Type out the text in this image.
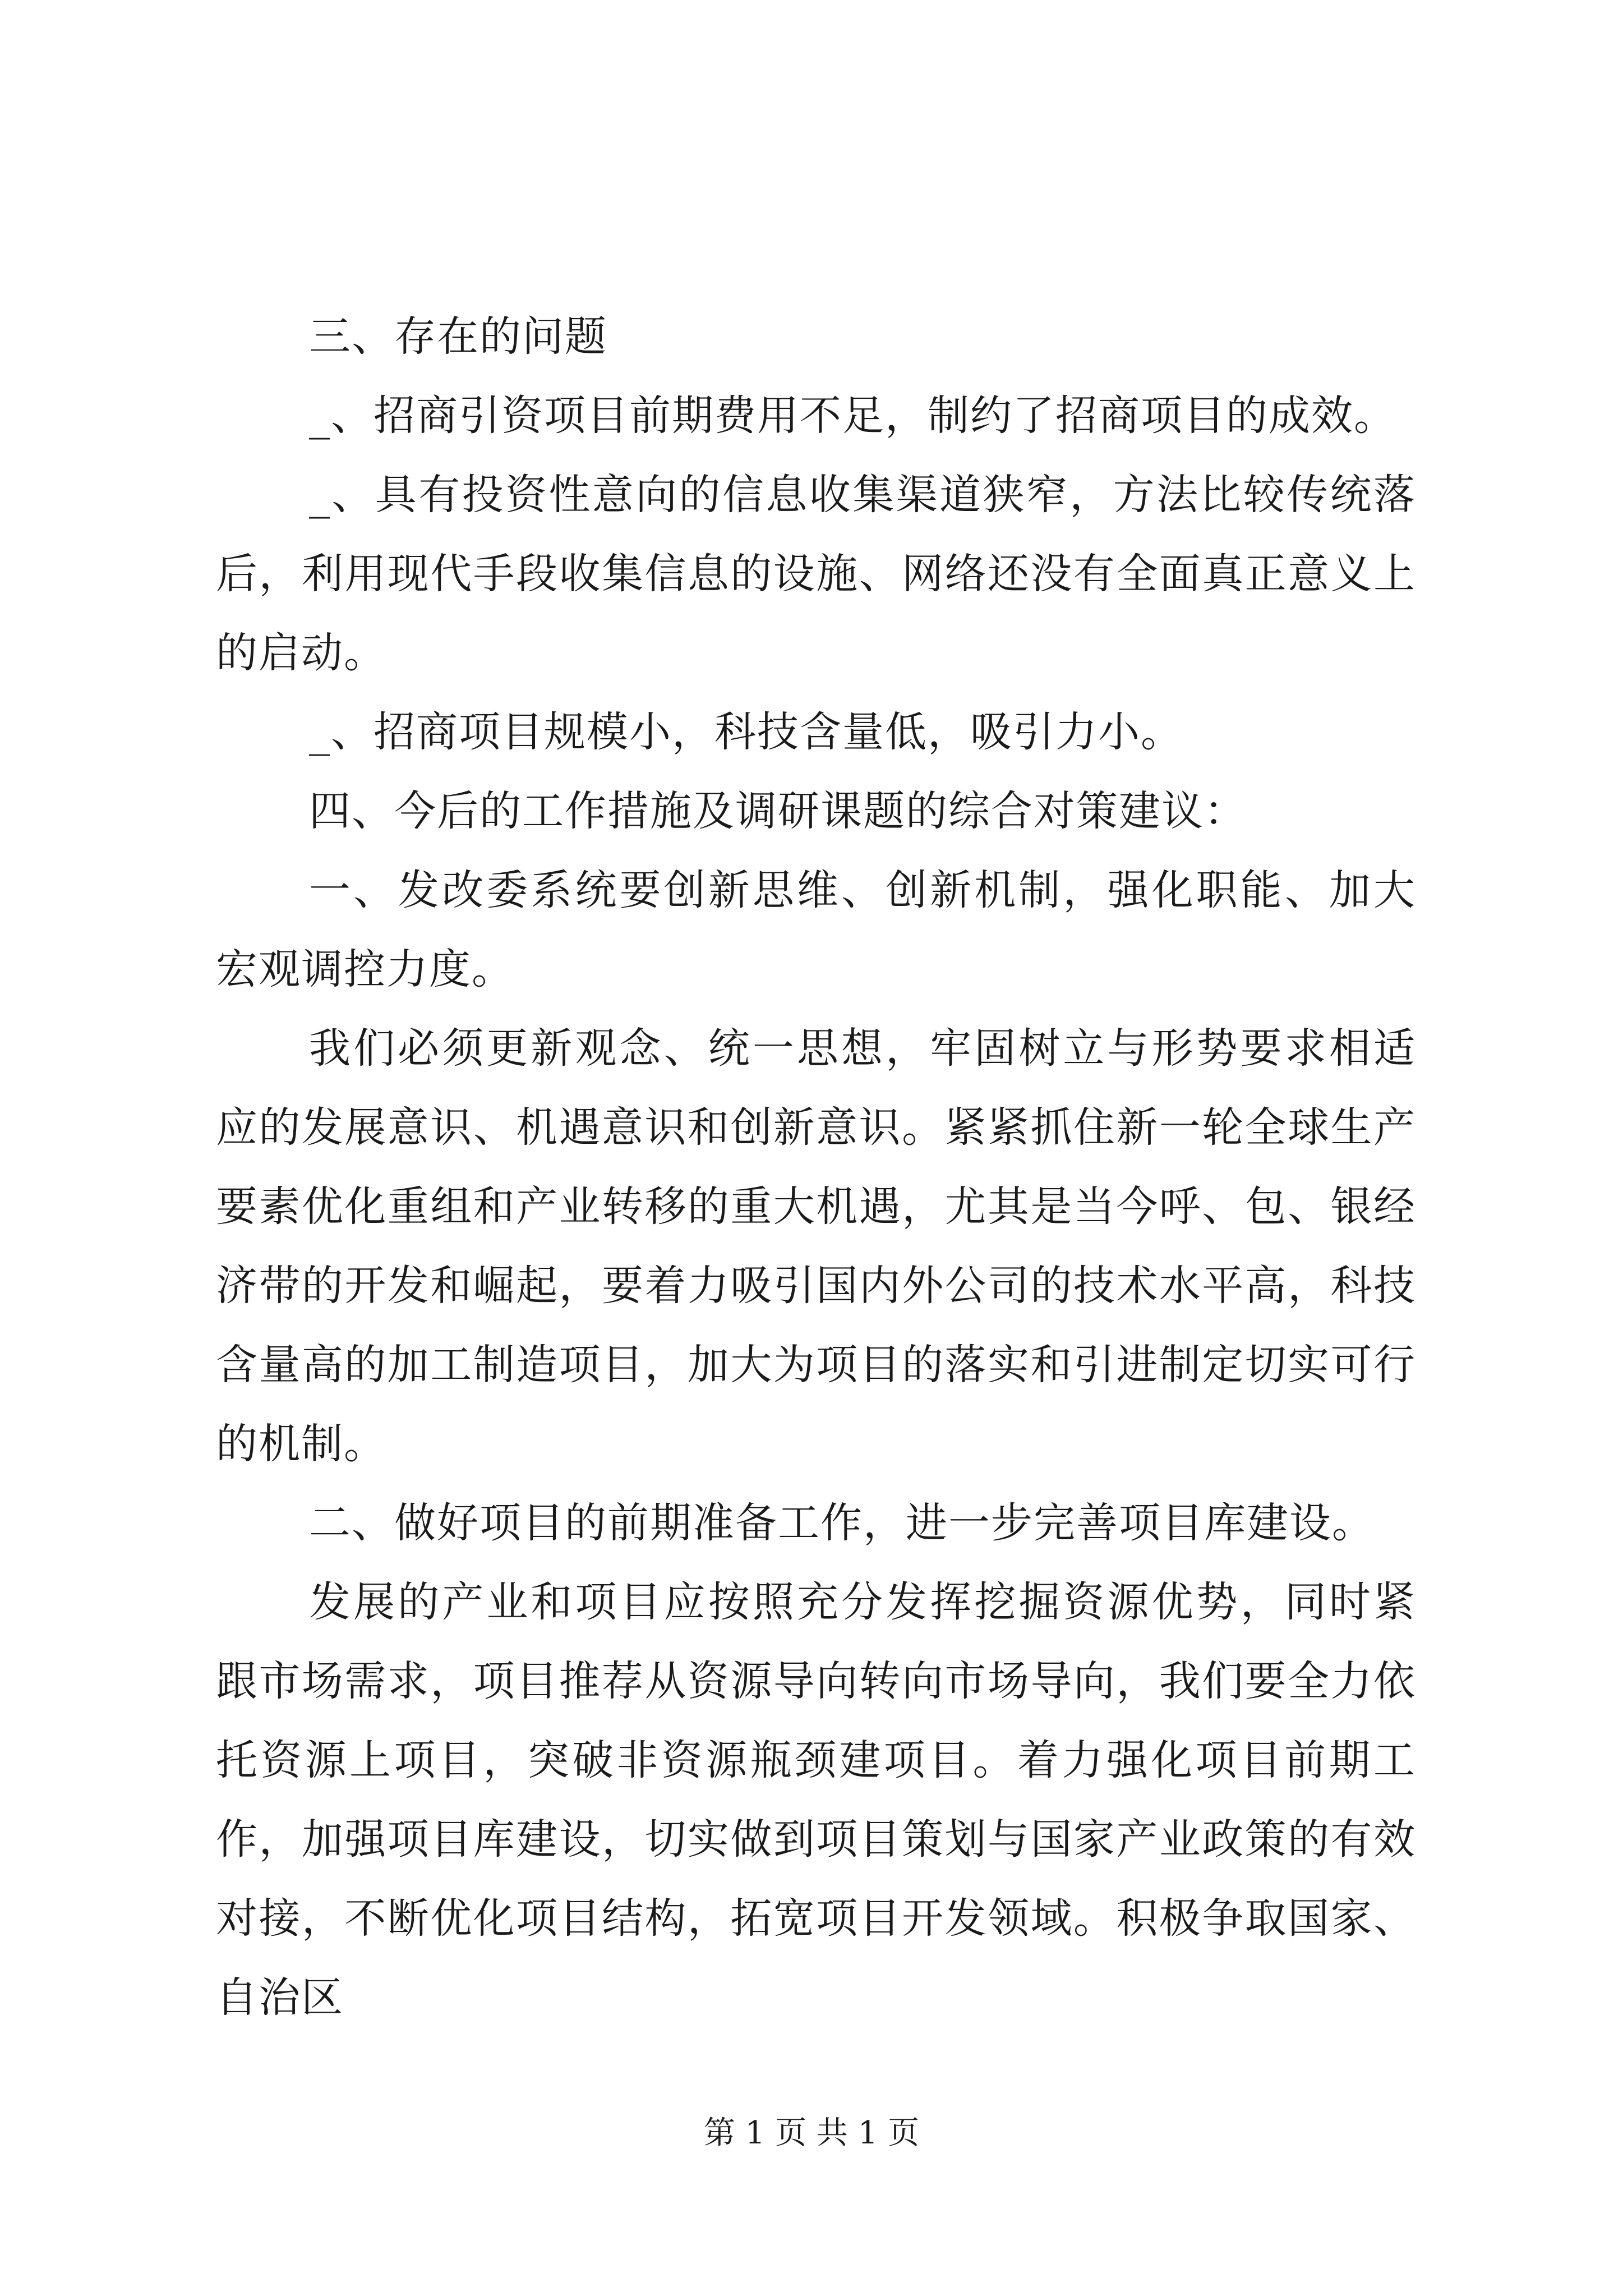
三、存在的问题

_、招商引资项目前期费用不足，制约了招商项目的成效。

_、具有投资性意向的信息收集渠道狭窄，方法比较传统落后，利用现代手段收集信息的设施、网络还没有全面真正意义上的启动。

_、招商项目规模小，科技含量低，吸引力小。

四、今后的工作措施及调研课题的综合对策建议：

一、发改委系统要创新思维、创新机制，强化职能、加大宏观调控力度。

我们必须更新观念、统一思想，牢固树立与形势要求相适应的发展意识、机遇意识和创新意识。紧紧抓住新一轮全球生产要素优化重组和产业转移的重大机遇，尤其是当今呼、包、银经济带的开发和崛起，要着力吸引国内外公司的技术水平高，科技含量高的加工制造项目，加大为项目的落实和引进制定切实可行的机制。

二、做好项目的前期准备工作，进一步完善项目库建设。

发展的产业和项目应按照充分发挥挖掘资源优势，同时紧跟市场需求，项目推荐从资源导向转向市场导向，我们要全力依托资源上项目，突破非资源瓶颈建项目。着力强化项目前期工作，加强项目库建设，切实做到项目策划与国家产业政策的有效对接，不断优化项目结构，拓宽项目开发领域。积极争取国家、自治区

第 1 页 共 1 页
